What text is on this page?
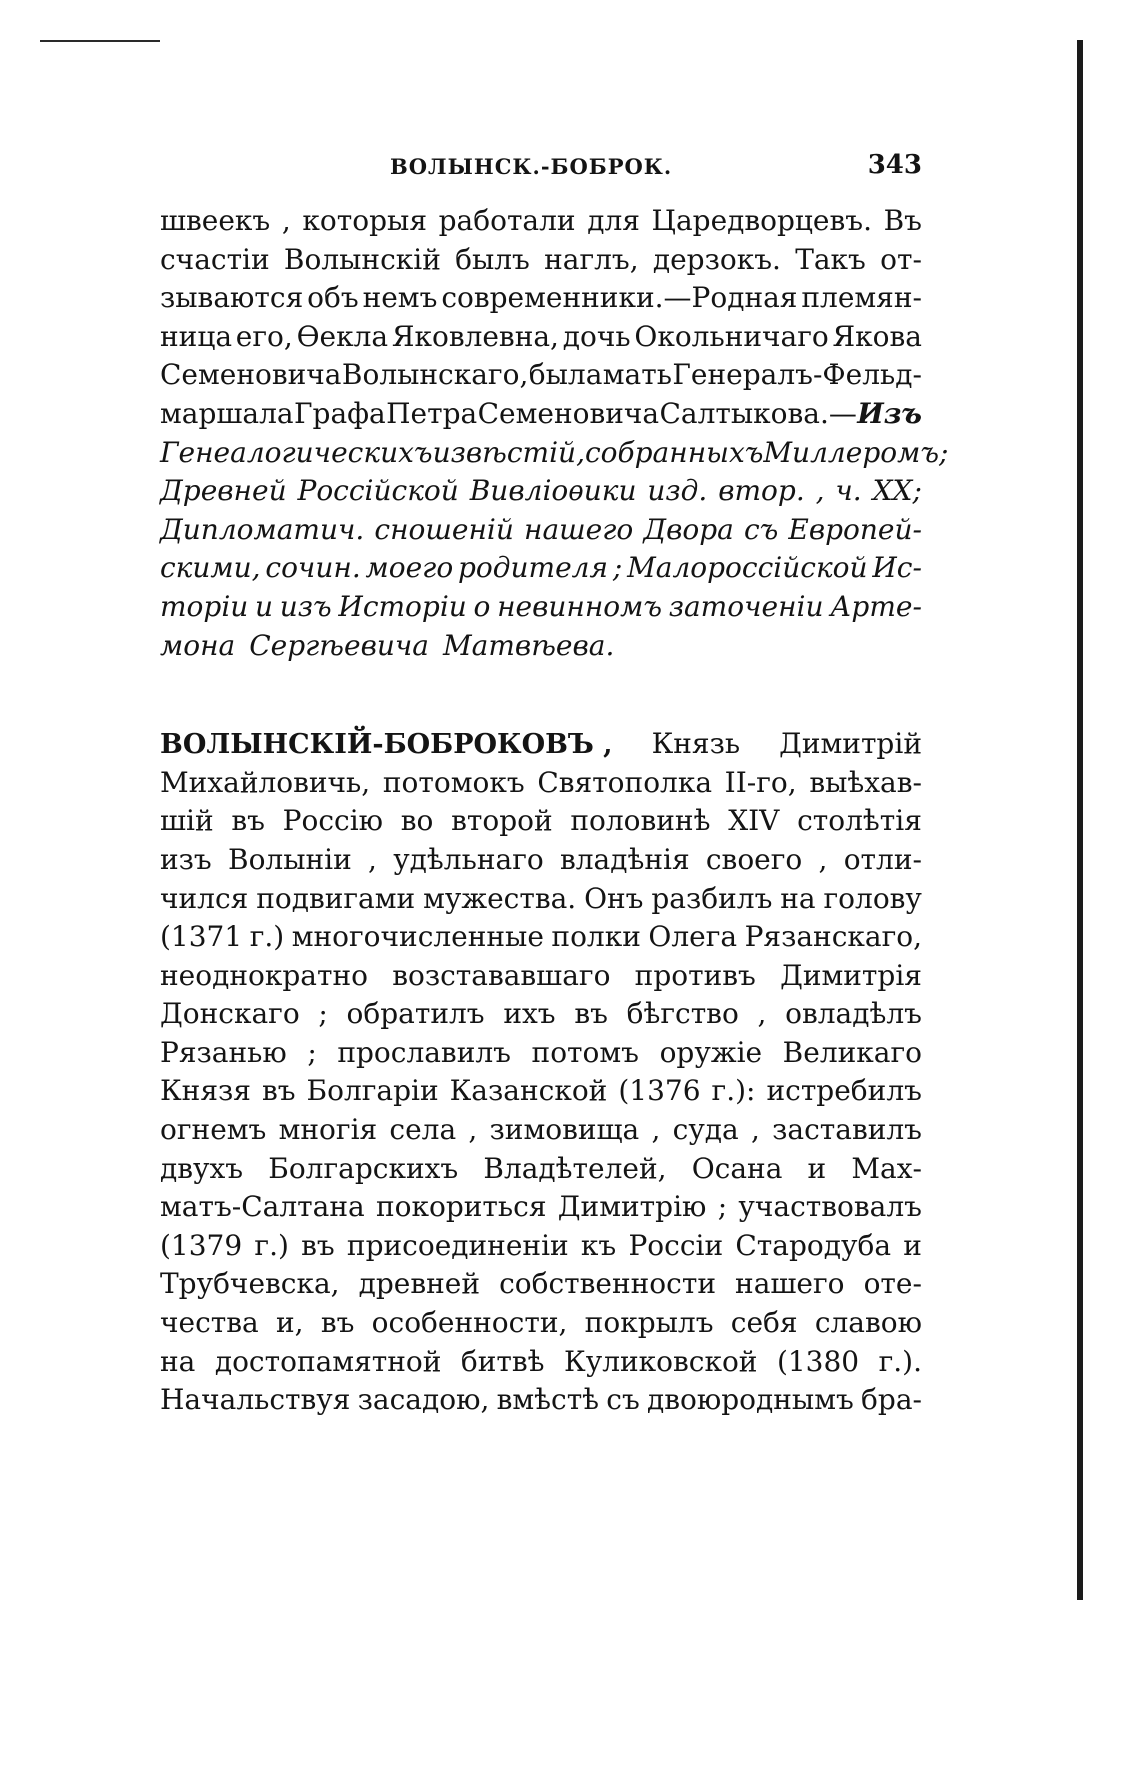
ВОЛЫНСК.-БОБРОК.	343
швеекъ , которыя работали для Царедворцевъ. Въ
счастіи Волынскій былъ наглъ, дерзокъ. Такъ от-
зываются объ немъ современники.—Родная племян-
ница его, Ѳекла Яковлевна, дочь Окольничаго Якова
Семеновича Волынскаго, была мать Генералъ-Фельд-
маршала Графа Петра Семеновича Салтыкова.— Изъ
Генеалогическихъ извѣстій, собранныхъ Миллеромъ ;
Древней Россійской Вивліоѳики изд. втор. , ч. XX;
Дипломатич. сношеній нашего Двора съ Европей-
скими, сочин. моего родителя ; Малороссійской Ис-
торіи и изъ Исторіи о невинномъ заточеніи Арте-
мона Сергѣевича Матвѣева.
ВОЛЫНСКІЙ-БОБРОКОВЪ , Князь Димитрій
Михайловичь, потомокъ Святополка II-го, выѣхав-
шій въ Россію во второй половинѣ XIV столѣтія
изъ Волыніи , удѣльнаго владѣнія своего , отли-
чился подвигами мужества. Онъ разбилъ на голову
(1371 г.) многочисленные полки Олега Рязанскаго,
неоднократно возстававшаго противъ Димитрія
Донскаго ; обратилъ ихъ въ бѣгство , овладѣлъ
Рязанью ; прославилъ потомъ оружіе Великаго
Князя въ Болгаріи Казанской (1376 г.): истребилъ
огнемъ многія села , зимовища , суда , заставилъ
двухъ Болгарскихъ Владѣтелей, Осана и Мах-
матъ-Салтана покориться Димитрію ; участвовалъ
(1379 г.) въ присоединеніи къ Россіи Стародуба и
Трубчевска, древней собственности нашего оте-
чества и, въ особенности, покрылъ себя славою
на достопамятной битвѣ Куликовской (1380 г.).
Начальствуя засадою, вмѣстѣ съ двоюроднымъ бра-
